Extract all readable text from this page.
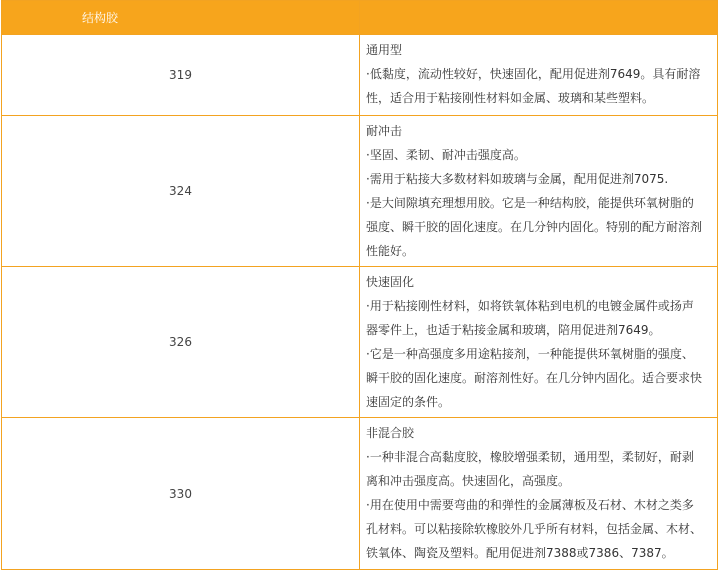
结构胶	
319	通用型
·低黏度，流动性较好，快速固化，配用促进剂7649。具有耐溶性，适合用于粘接刚性材料如金属、玻璃和某些塑料。

324	耐冲击
·坚固、柔韧、耐冲击强度高。
·需用于粘接大多数材料如玻璃与金属，配用促进剂7075.
·是大间隙填充理想用胶。它是一种结构胶，能提供环氧树脂的强度、瞬干胶的固化速度。在几分钟内固化。特别的配方耐溶剂性能好。

326	快速固化
·用于粘接刚性材料，如将铁氧体粘到电机的电镀金属件或扬声器零件上，也适于粘接金属和玻璃，陪用促进剂7649。
·它是一种高强度多用途粘接剂，一种能提供环氧树脂的强度、瞬干胶的固化速度。耐溶剂性好。在几分钟内固化。适合要求快速固定的条件。

330	非混合胶
·一种非混合高黏度胶，橡胶增强柔韧，通用型，柔韧好，耐剥离和冲击强度高。快速固化，高强度。
·用在使用中需要弯曲的和弹性的金属薄板及石材、木材之类多孔材料。可以粘接除软橡胶外几乎所有材料，包括金属、木材、铁氧体、陶瓷及塑料。配用促进剂7388或7386、7387。
